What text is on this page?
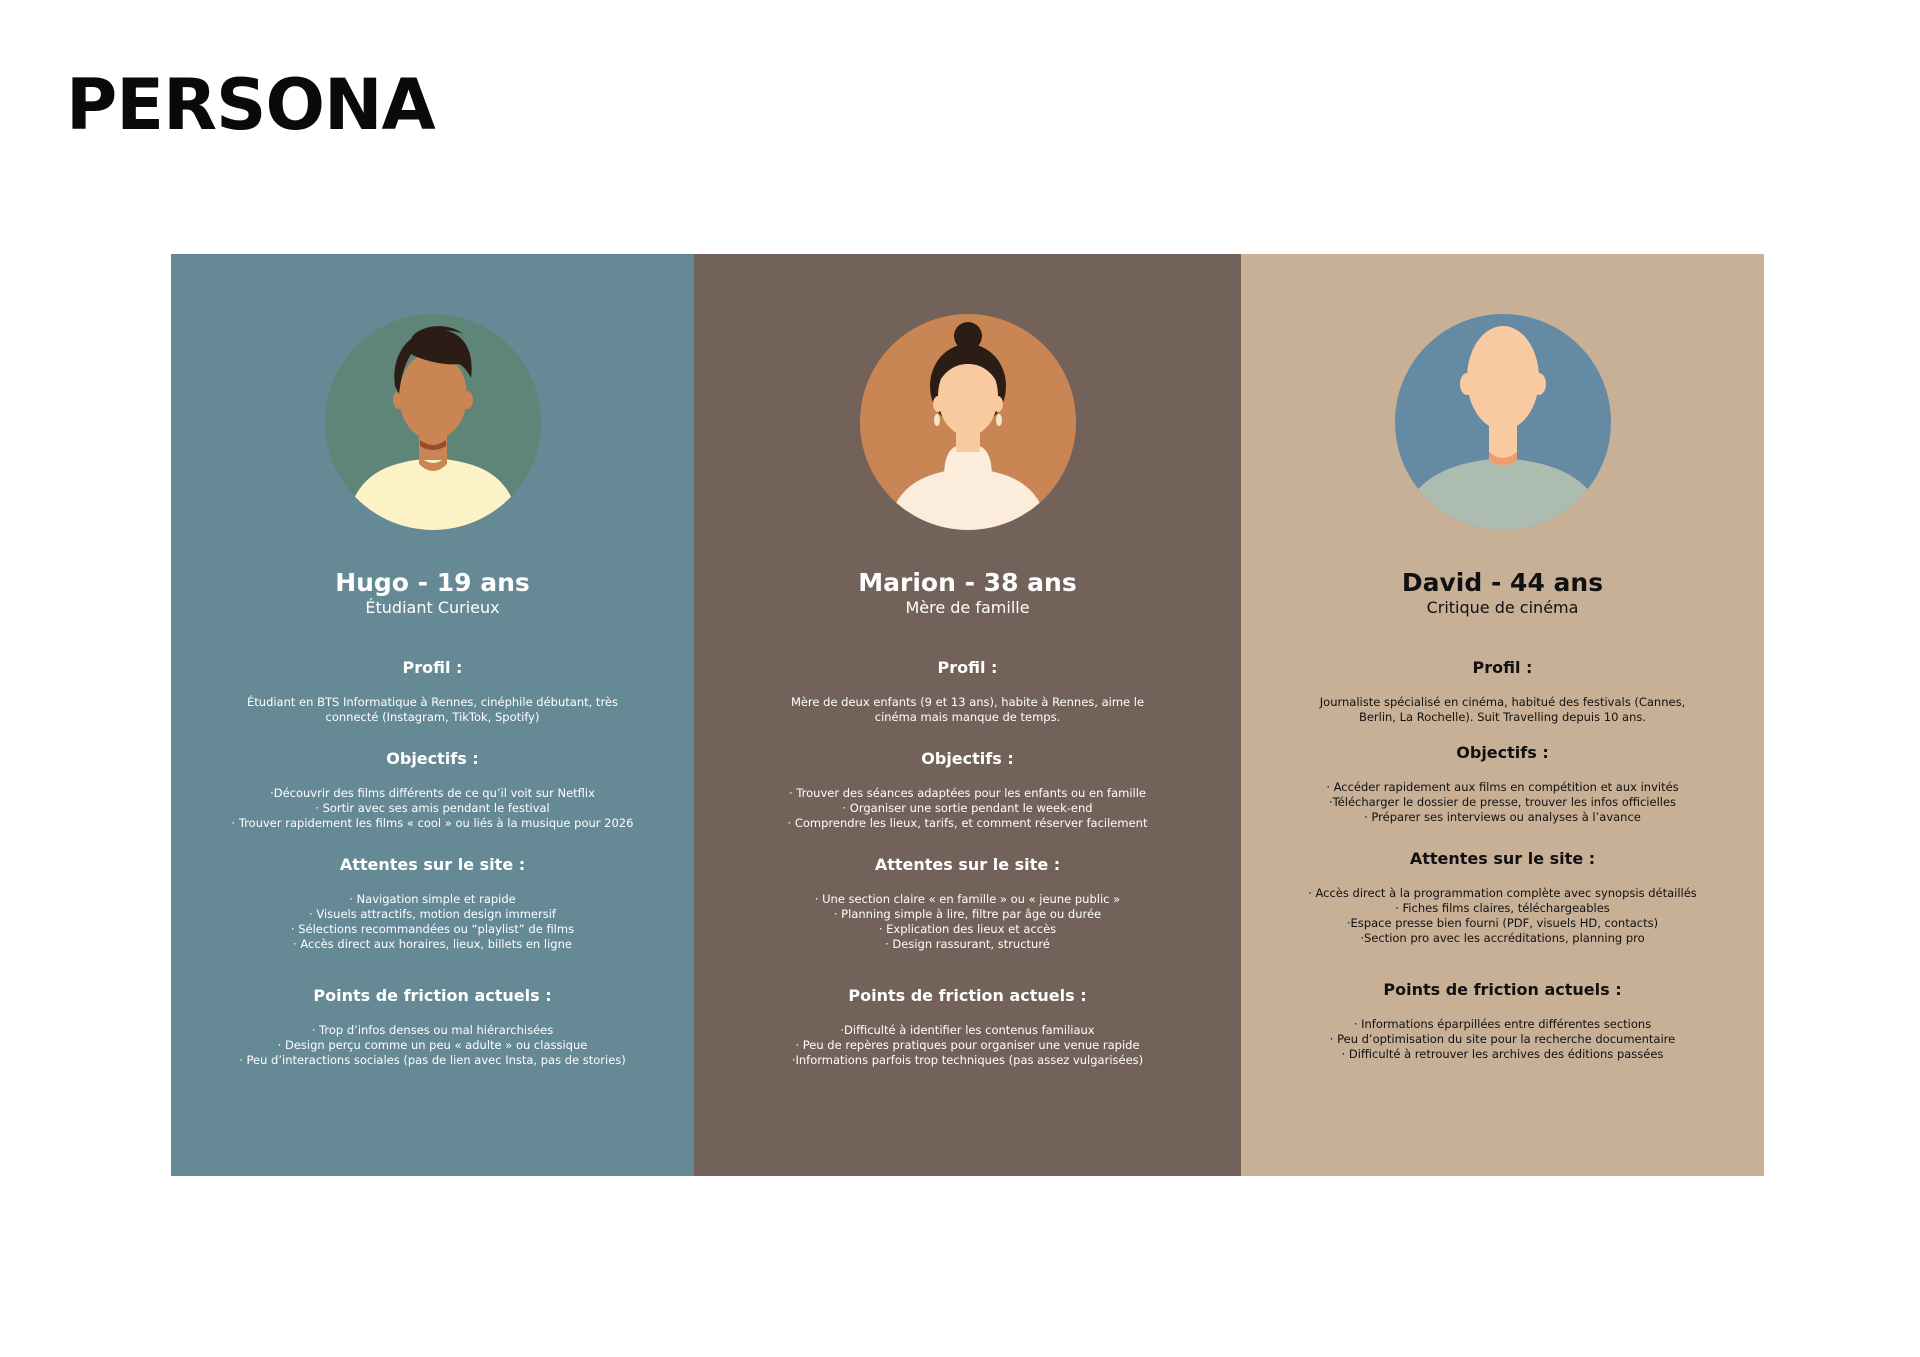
PERSONA
Hugo - 19 ans
Étudiant Curieux
Profil :
Étudiant en BTS Informatique à Rennes, cinéphile débutant, très
connecté (Instagram, TikTok, Spotify)
Objectifs :
·Découvrir des films différents de ce qu’il voit sur Netflix
· Sortir avec ses amis pendant le festival
· Trouver rapidement les films « cool » ou liés à la musique pour 2026
Attentes sur le site :
· Navigation simple et rapide
· Visuels attractifs, motion design immersif
· Sélections recommandées ou “playlist” de films
· Accès direct aux horaires, lieux, billets en ligne
Points de friction actuels :
· Trop d’infos denses ou mal hiérarchisées
· Design perçu comme un peu « adulte » ou classique
· Peu d’interactions sociales (pas de lien avec Insta, pas de stories)
Marion - 38 ans
Mère de famille
Profil :
Mère de deux enfants (9 et 13 ans), habite à Rennes, aime le
cinéma mais manque de temps.
Objectifs :
· Trouver des séances adaptées pour les enfants ou en famille
· Organiser une sortie pendant le week-end
· Comprendre les lieux, tarifs, et comment réserver facilement
Attentes sur le site :
· Une section claire « en famille » ou « jeune public »
· Planning simple à lire, filtre par âge ou durée
· Explication des lieux et accès
· Design rassurant, structuré
Points de friction actuels :
·Difficulté à identifier les contenus familiaux
· Peu de repères pratiques pour organiser une venue rapide
·Informations parfois trop techniques (pas assez vulgarisées)
David - 44 ans
Critique de cinéma
Profil :
Journaliste spécialisé en cinéma, habitué des festivals (Cannes,
Berlin, La Rochelle). Suit Travelling depuis 10 ans.
Objectifs :
· Accéder rapidement aux films en compétition et aux invités
·Télécharger le dossier de presse, trouver les infos officielles
· Préparer ses interviews ou analyses à l’avance
Attentes sur le site :
· Accès direct à la programmation complète avec synopsis détaillés
· Fiches films claires, téléchargeables
·Espace presse bien fourni (PDF, visuels HD, contacts)
·Section pro avec les accréditations, planning pro
Points de friction actuels :
· Informations éparpillées entre différentes sections
· Peu d’optimisation du site pour la recherche documentaire
· Difficulté à retrouver les archives des éditions passées
